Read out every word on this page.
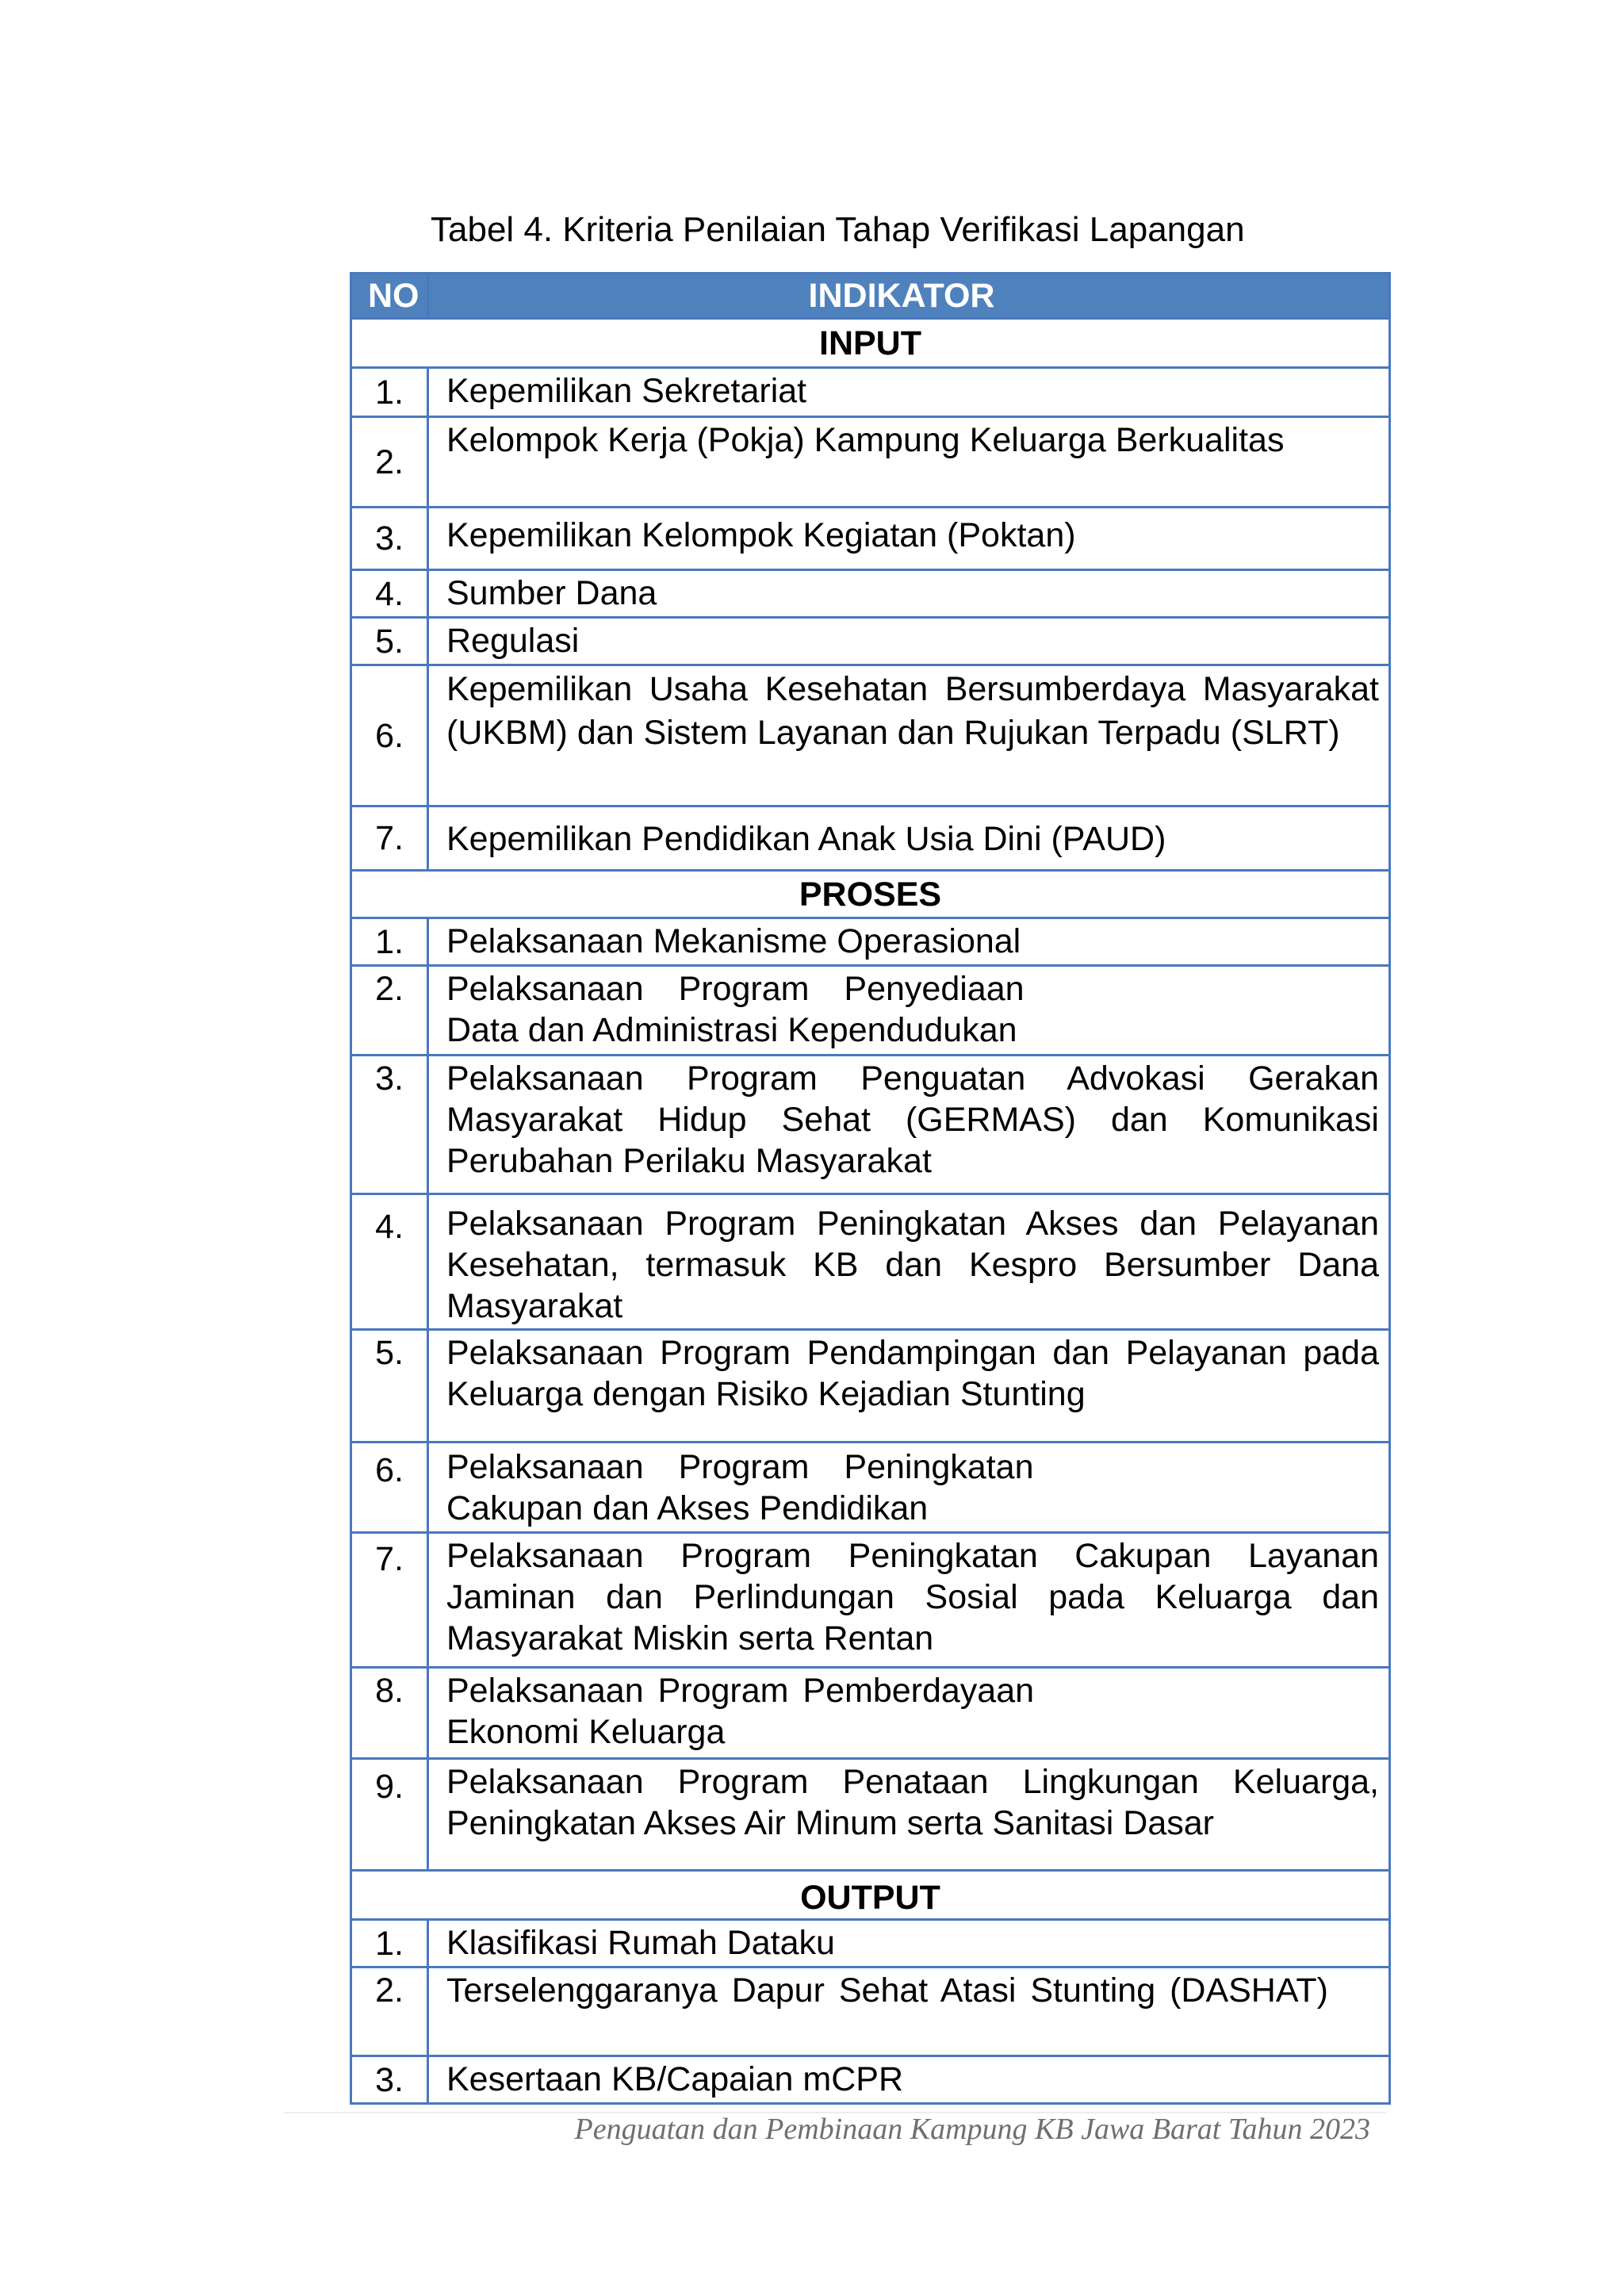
Tabel 4. Kriteria Penilaian Tahap Verifikasi Lapangan
NO	INDIKATOR
INPUT	
1.	Kepemilikan Sekretariat
2.	Kelompok Kerja (Pokja) Kampung Keluarga Berkualitas
3.	Kepemilikan Kelompok Kegiatan (Poktan)
4.	Sumber Dana
5.	Regulasi
6.	Kepemilikan Usaha Kesehatan Bersumberdaya Masyarakat (UKBM) dan Sistem Layanan dan Rujukan Terpadu (SLRT)
7.	Kepemilikan Pendidikan Anak Usia Dini (PAUD)
PROSES	
1.	Pelaksanaan Mekanisme Operasional
2.	Pelaksanaan Program Penyediaan
Data dan Administrasi Kependudukan

3.	Pelaksanaan Program Penguatan Advokasi Gerakan Masyarakat Hidup Sehat (GERMAS) dan Komunikasi Perubahan Perilaku Masyarakat
4.	Pelaksanaan Program Peningkatan Akses dan Pelayanan Kesehatan, termasuk KB dan Kespro Bersumber Dana Masyarakat
5.	Pelaksanaan Program Pendampingan dan Pelayanan pada Keluarga dengan Risiko Kejadian Stunting
6.	Pelaksanaan Program Peningkatan
Cakupan dan Akses Pendidikan

7.	Pelaksanaan Program Peningkatan Cakupan Layanan Jaminan dan Perlindungan Sosial pada Keluarga dan Masyarakat Miskin serta Rentan
8.	Pelaksanaan Program Pemberdayaan
Ekonomi Keluarga

9.	Pelaksanaan Program Penataan Lingkungan Keluarga, Peningkatan Akses Air Minum serta Sanitasi Dasar
OUTPUT	
1.	Klasifikasi Rumah Dataku
2.	Terselenggaranya Dapur Sehat Atasi Stunting (DASHAT)
3.	Kesertaan KB/Capaian mCPR
Penguatan dan Pembinaan Kampung KB Jawa Barat Tahun 2023
